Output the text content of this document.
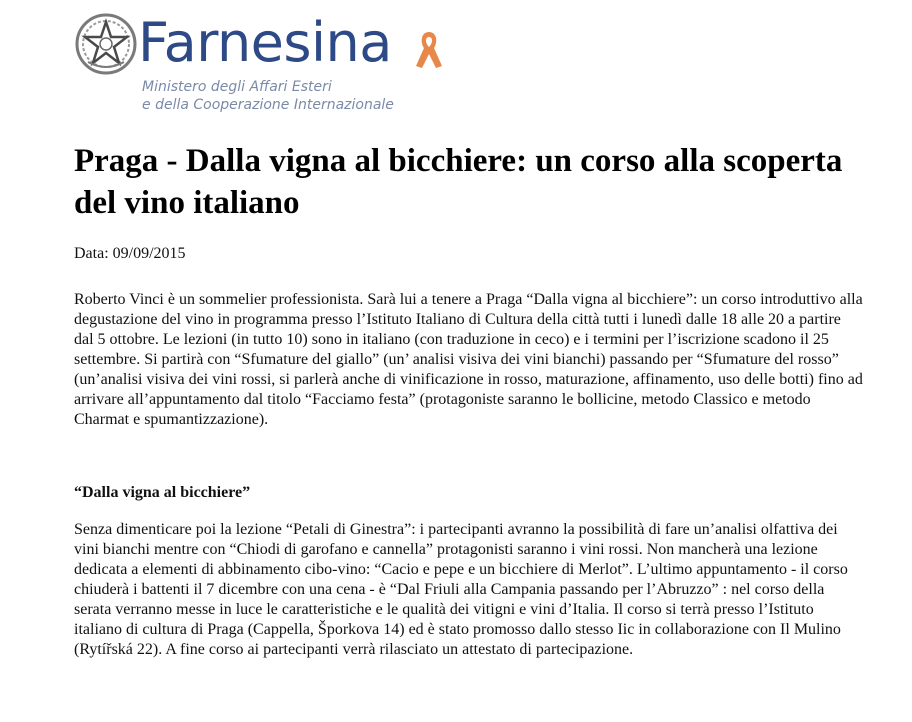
Farnesina
Ministero degli Affari Esteri
e della Cooperazione Internazionale
Praga - Dalla vigna al bicchiere: un corso alla scoperta del vino italiano
Data: 09/09/2015

Roberto Vinci è un sommelier professionista. Sarà lui a tenere a Praga “Dalla vigna al bicchiere”: un corso introduttivo alla degustazione del vino in programma presso l’Istituto Italiano di Cultura della città tutti i lunedì dalle 18 alle 20 a partire dal 5 ottobre. Le lezioni (in tutto 10) sono in italiano (con traduzione in ceco) e i termini per l’iscrizione scadono il 25 settembre. Si partirà con “Sfumature del giallo” (un’ analisi visiva dei vini bianchi) passando per “Sfumature del rosso” (un’analisi visiva dei vini rossi, si parlerà anche di vinificazione in rosso, maturazione, affinamento, uso delle botti) fino ad arrivare all’appuntamento dal titolo “Facciamo festa” (protagoniste saranno le bollicine, metodo Classico e metodo Charmat e spumantizzazione).

“Dalla vigna al bicchiere”

Senza dimenticare poi la lezione “Petali di Ginestra”: i partecipanti avranno la possibilità di fare un’analisi olfattiva dei vini bianchi mentre con “Chiodi di garofano e cannella” protagonisti saranno i vini rossi. Non mancherà una lezione dedicata a elementi di abbinamento cibo-vino: “Cacio e pepe e un bicchiere di Merlot”. L’ultimo appuntamento - il corso chiuderà i battenti il 7 dicembre con una cena - è “Dal Friuli alla Campania passando per l’Abruzzo” : nel corso della serata verranno messe in luce le caratteristiche e le qualità dei vitigni e vini d’Italia. Il corso si terrà presso l’Istituto italiano di cultura di Praga (Cappella, Šporkova 14) ed è stato promosso dallo stesso Iic in collaborazione con Il Mulino (Rytířská 22). A fine corso ai partecipanti verrà rilasciato un attestato di partecipazione.
